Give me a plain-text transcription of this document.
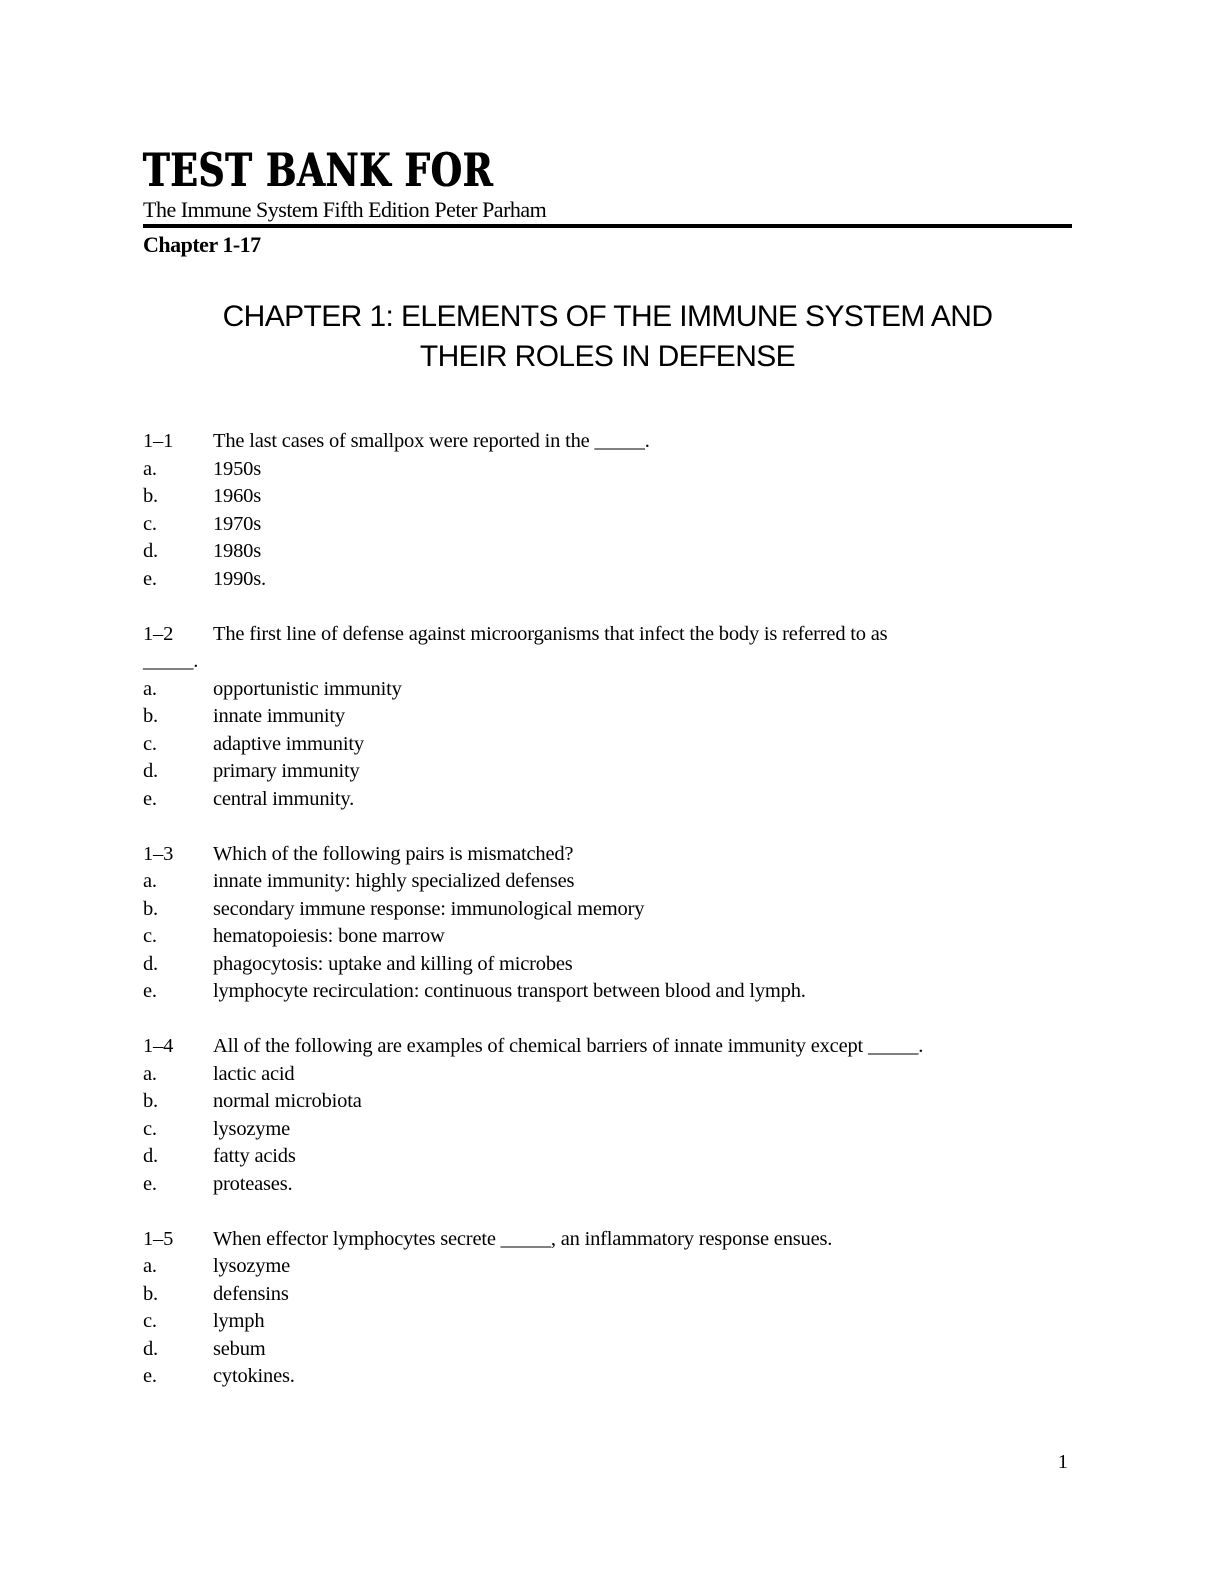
TEST BANK FOR
The Immune System Fifth Edition Peter Parham
Chapter 1-17
CHAPTER 1: ELEMENTS OF THE IMMUNE SYSTEM AND
THEIR ROLES IN DEFENSE
1–1	The last cases of smallpox were reported in the _____.
a.	1950s
b.	1960s
c.	1970s
d.	1980s
e.	1990s.
1–2	The first line of defense against microorganisms that infect the body is referred to as
_____.
a.	opportunistic immunity
b.	innate immunity
c.	adaptive immunity
d.	primary immunity
e.	central immunity.
1–3	Which of the following pairs is mismatched?
a.	innate immunity: highly specialized defenses
b.	secondary immune response: immunological memory
c.	hematopoiesis: bone marrow
d.	phagocytosis: uptake and killing of microbes
e.	lymphocyte recirculation: continuous transport between blood and lymph.
1–4	All of the following are examples of chemical barriers of innate immunity except _____.
a.	lactic acid
b.	normal microbiota
c.	lysozyme
d.	fatty acids
e.	proteases.
1–5	When effector lymphocytes secrete _____, an inflammatory response ensues.
a.	lysozyme
b.	defensins
c.	lymph
d.	sebum
e.	cytokines.
1
